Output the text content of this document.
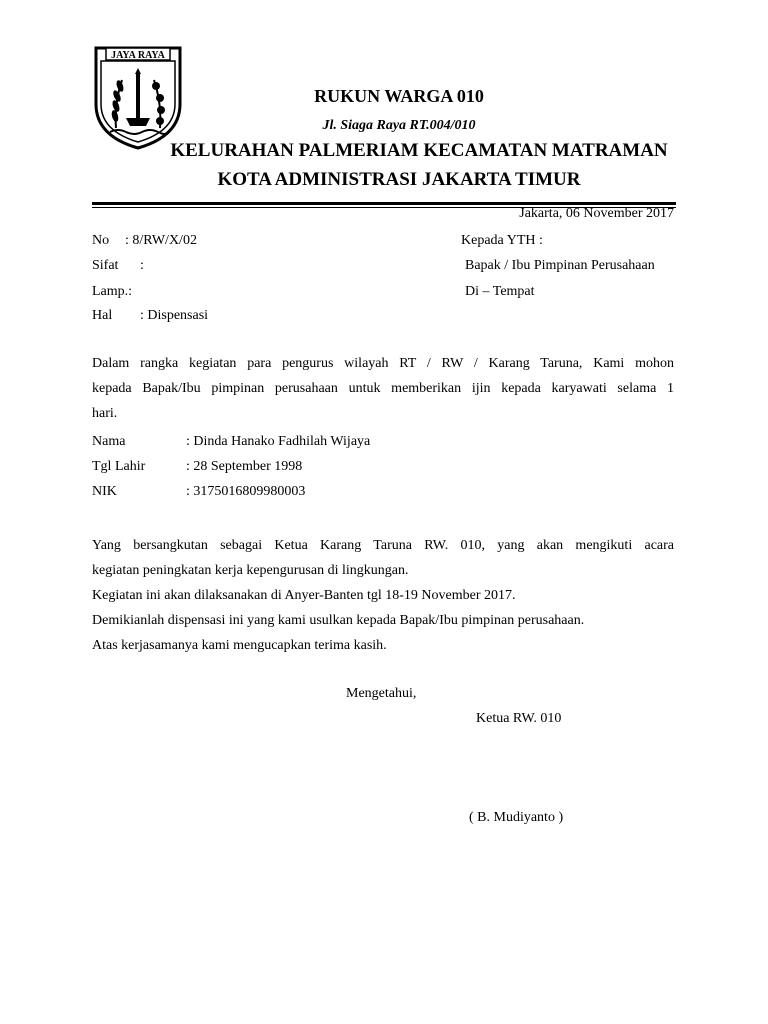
JAYA RAYA
RUKUN WARGA 010
Jl. Siaga Raya RT.004/010
KELURAHAN PALMERIAM KECAMATAN MATRAMAN
KOTA ADMINISTRASI JAKARTA TIMUR
Jakarta, 06 November 2017
No : 8/RW/X/02
Sifat :
Lamp.:
Hal : Dispensasi
Kepada YTH :
Bapak / Ibu Pimpinan Perusahaan
Di – Tempat
Dalam rangka kegiatan para pengurus wilayah RT / RW / Karang Taruna, Kami mohon
kepada Bapak/Ibu pimpinan perusahaan untuk memberikan ijin kepada karyawati selama 1
hari.
Nama	: Dinda Hanako Fadhilah Wijaya
Tgl Lahir	: 28 September 1998
NIK	: 3175016809980003
Yang bersangkutan sebagai Ketua Karang Taruna RW. 010, yang akan mengikuti acara
kegiatan peningkatan kerja kepengurusan di lingkungan.
Kegiatan ini akan dilaksanakan di Anyer-Banten tgl 18-19 November 2017.
Demikianlah dispensasi ini yang kami usulkan kepada Bapak/Ibu pimpinan perusahaan.
Atas kerjasamanya kami mengucapkan terima kasih.
Mengetahui,
Ketua RW. 010
( B. Mudiyanto )
